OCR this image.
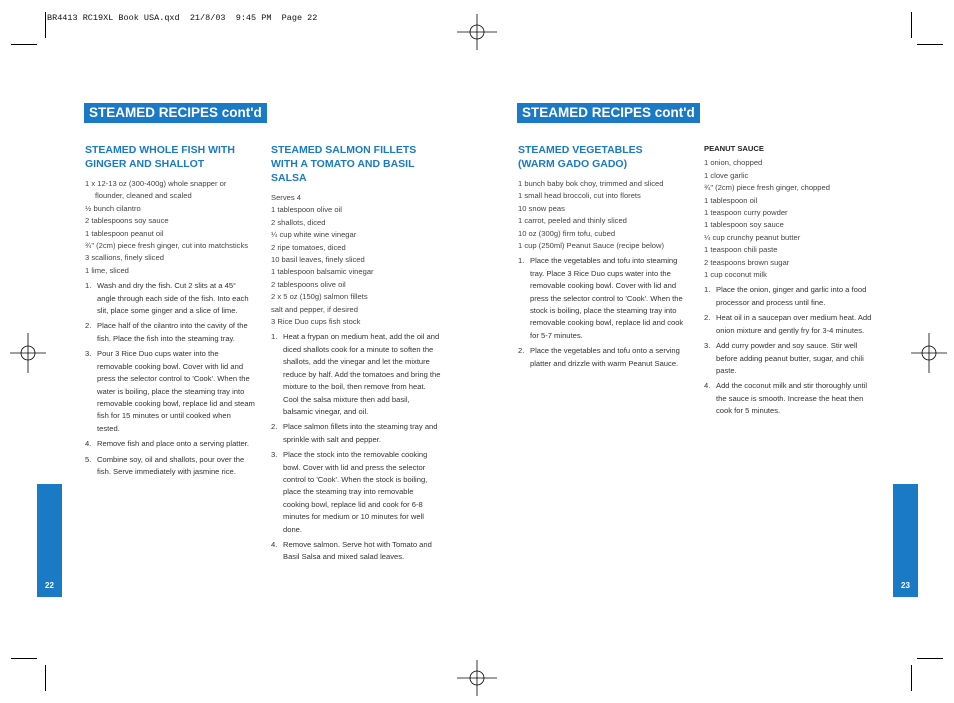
BR4413 RC19XL Book USA.qxd  21/8/03  9:45 PM  Page 22
STEAMED RECIPES cont'd	STEAMED RECIPES cont'd
22	23
STEAMED WHOLE FISH WITH
GINGER AND SHALLOT
1 x 12-13 oz (300-400g) whole snapper or flounder, cleaned and scaled
½ bunch cilantro
2 tablespoons soy sauce
1 tablespoon peanut oil
¾" (2cm) piece fresh ginger, cut into matchsticks
3 scallions, finely sliced
1 lime, sliced
1. Wash and dry the fish. Cut 2 slits at a 45° angle through each side of the fish. Into each slit, place some ginger and a slice of lime.
2. Place half of the cilantro into the cavity of the fish. Place the fish into the steaming tray.
3. Pour 3 Rice Duo cups water into the removable cooking bowl. Cover with lid and press the selector control to 'Cook'. When the water is boiling, place the steaming tray into removable cooking bowl, replace lid and steam fish for 15 minutes or until cooked when tested.
4. Remove fish and place onto a serving platter.
5. Combine soy, oil and shallots, pour over the fish. Serve immediately with jasmine rice.
STEAMED SALMON FILLETS
WITH A TOMATO AND BASIL
SALSA
Serves 4
1 tablespoon olive oil
2 shallots, diced
¼ cup white wine vinegar
2 ripe tomatoes, diced
10 basil leaves, finely sliced
1 tablespoon balsamic vinegar
2 tablespoons olive oil
2 x 5 oz (150g) salmon fillets
salt and pepper, if desired
3 Rice Duo cups fish stock
1. Heat a frypan on medium heat, add the oil and diced shallots cook for a minute to soften the shallots, add the vinegar and let the mixture reduce by half. Add the tomatoes and bring the mixture to the boil, then remove from heat. Cool the salsa mixture then add basil, balsamic vinegar, and oil.
2. Place salmon fillets into the steaming tray and sprinkle with salt and pepper.
3. Place the stock into the removable cooking bowl. Cover with lid and press the selector control to 'Cook'. When the stock is boiling, place the steaming tray into removable cooking bowl, replace lid and cook for 6-8 minutes for medium or 10 minutes for well done.
4. Remove salmon. Serve hot with Tomato and Basil Salsa and mixed salad leaves.
STEAMED VEGETABLES
(WARM GADO GADO)
1 bunch baby bok choy, trimmed and sliced
1 small head broccoli, cut into florets
10 snow peas
1 carrot, peeled and thinly sliced
10 oz (300g) firm tofu, cubed
1 cup (250ml) Peanut Sauce (recipe below)
1. Place the vegetables and tofu into steaming tray. Place 3 Rice Duo cups water into the removable cooking bowl. Cover with lid and press the selector control to 'Cook'. When the stock is boiling, place the steaming tray into removable cooking bowl, replace lid and cook for 5-7 minutes.
2. Place the vegetables and tofu onto a serving platter and drizzle with warm Peanut Sauce.
PEANUT SAUCE
1 onion, chopped
1 clove garlic
¾" (2cm) piece fresh ginger, chopped
1 tablespoon oil
1 teaspoon curry powder
1 tablespoon soy sauce
¼ cup crunchy peanut butter
1 teaspoon chili paste
2 teaspoons brown sugar
1 cup coconut milk
1. Place the onion, ginger and garlic into a food processor and process until fine.
2. Heat oil in a saucepan over medium heat. Add onion mixture and gently fry for 3-4 minutes.
3. Add curry powder and soy sauce. Stir well before adding peanut butter, sugar, and chili paste.
4. Add the coconut milk and stir thoroughly until the sauce is smooth. Increase the heat then cook for 5 minutes.
